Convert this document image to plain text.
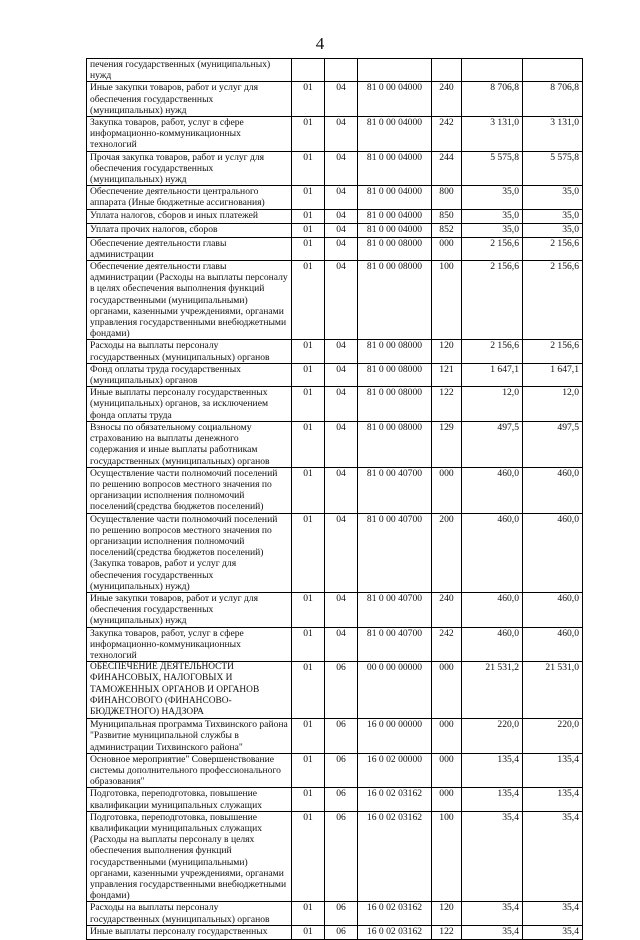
4
печения государственных (муниципальных) нужд						
Иные закупки товаров, работ и услуг для обеспечения государственных (муниципальных) нужд	01	04	81 0 00 04000	240	8 706,8	8 706,8
Закупка товаров, работ, услуг в сфере информационно-коммуникационных технологий	01	04	81 0 00 04000	242	3 131,0	3 131,0
Прочая закупка товаров, работ и услуг для обеспечения государственных (муниципальных) нужд	01	04	81 0 00 04000	244	5 575,8	5 575,8
Обеспечение деятельности центрального аппарата (Иные бюджетные ассигнования)	01	04	81 0 00 04000	800	35,0	35,0
Уплата налогов, сборов и иных платежей	01	04	81 0 00 04000	850	35,0	35,0
Уплата прочих налогов, сборов	01	04	81 0 00 04000	852	35,0	35,0
Обеспечение деятельности главы администрации	01	04	81 0 00 08000	000	2 156,6	2 156,6
Обеспечение деятельности главы администрации (Расходы на выплаты персоналу в целях обеспечения выполнения функций государственными (муниципальными) органами, казенными учреждениями, органами управления государственными внебюджетными фондами)	01	04	81 0 00 08000	100	2 156,6	2 156,6
Расходы на выплаты персоналу государственных (муниципальных) органов	01	04	81 0 00 08000	120	2 156,6	2 156,6
Фонд оплаты труда государственных (муниципальных) органов	01	04	81 0 00 08000	121	1 647,1	1 647,1
Иные выплаты персоналу государственных (муниципальных) органов, за исключением фонда оплаты труда	01	04	81 0 00 08000	122	12,0	12,0
Взносы по обязательному социальному страхованию на выплаты денежного содержания и иные выплаты работникам государственных (муниципальных) органов	01	04	81 0 00 08000	129	497,5	497,5
Осуществление части полномочий поселений по решению вопросов местного значения по организации исполнения полномочий поселений(средства бюджетов поселений)	01	04	81 0 00 40700	000	460,0	460,0
Осуществление части полномочий поселений по решению вопросов местного значения по организации исполнения полномочий поселений(средства бюджетов поселений) (Закупка товаров, работ и услуг для обеспечения государственных (муниципальных) нужд)	01	04	81 0 00 40700	200	460,0	460,0
Иные закупки товаров, работ и услуг для обеспечения государственных (муниципальных) нужд	01	04	81 0 00 40700	240	460,0	460,0
Закупка товаров, работ, услуг в сфере информационно-коммуникационных технологий	01	04	81 0 00 40700	242	460,0	460,0
ОБЕСПЕЧЕНИЕ ДЕЯТЕЛЬНОСТИ ФИНАНСОВЫХ, НАЛОГОВЫХ И ТАМОЖЕННЫХ ОРГАНОВ И ОРГАНОВ ФИНАНСОВОГО (ФИНАНСОВО-БЮДЖЕТНОГО) НАДЗОРА	01	06	00 0 00 00000	000	21 531,2	21 531,0
Муниципальная программа Тихвинского района "Развитие муниципальной службы в администрации Тихвинского района"	01	06	16 0 00 00000	000	220,0	220,0
Основное мероприятие" Совершенствование системы дополнительного профессионального образования"	01	06	16 0 02 00000	000	135,4	135,4
Подготовка, переподготовка, повышение квалификации муниципальных служащих	01	06	16 0 02 03162	000	135,4	135,4
Подготовка, переподготовка, повышение квалификации муниципальных служащих (Расходы на выплаты персоналу в целях обеспечения выполнения функций государственными (муниципальными) органами, казенными учреждениями, органами управления государственными внебюджетными фондами)	01	06	16 0 02 03162	100	35,4	35,4
Расходы на выплаты персоналу государственных (муниципальных) органов	01	06	16 0 02 03162	120	35,4	35,4
Иные выплаты персоналу государственных	01	06	16 0 02 03162	122	35,4	35,4
